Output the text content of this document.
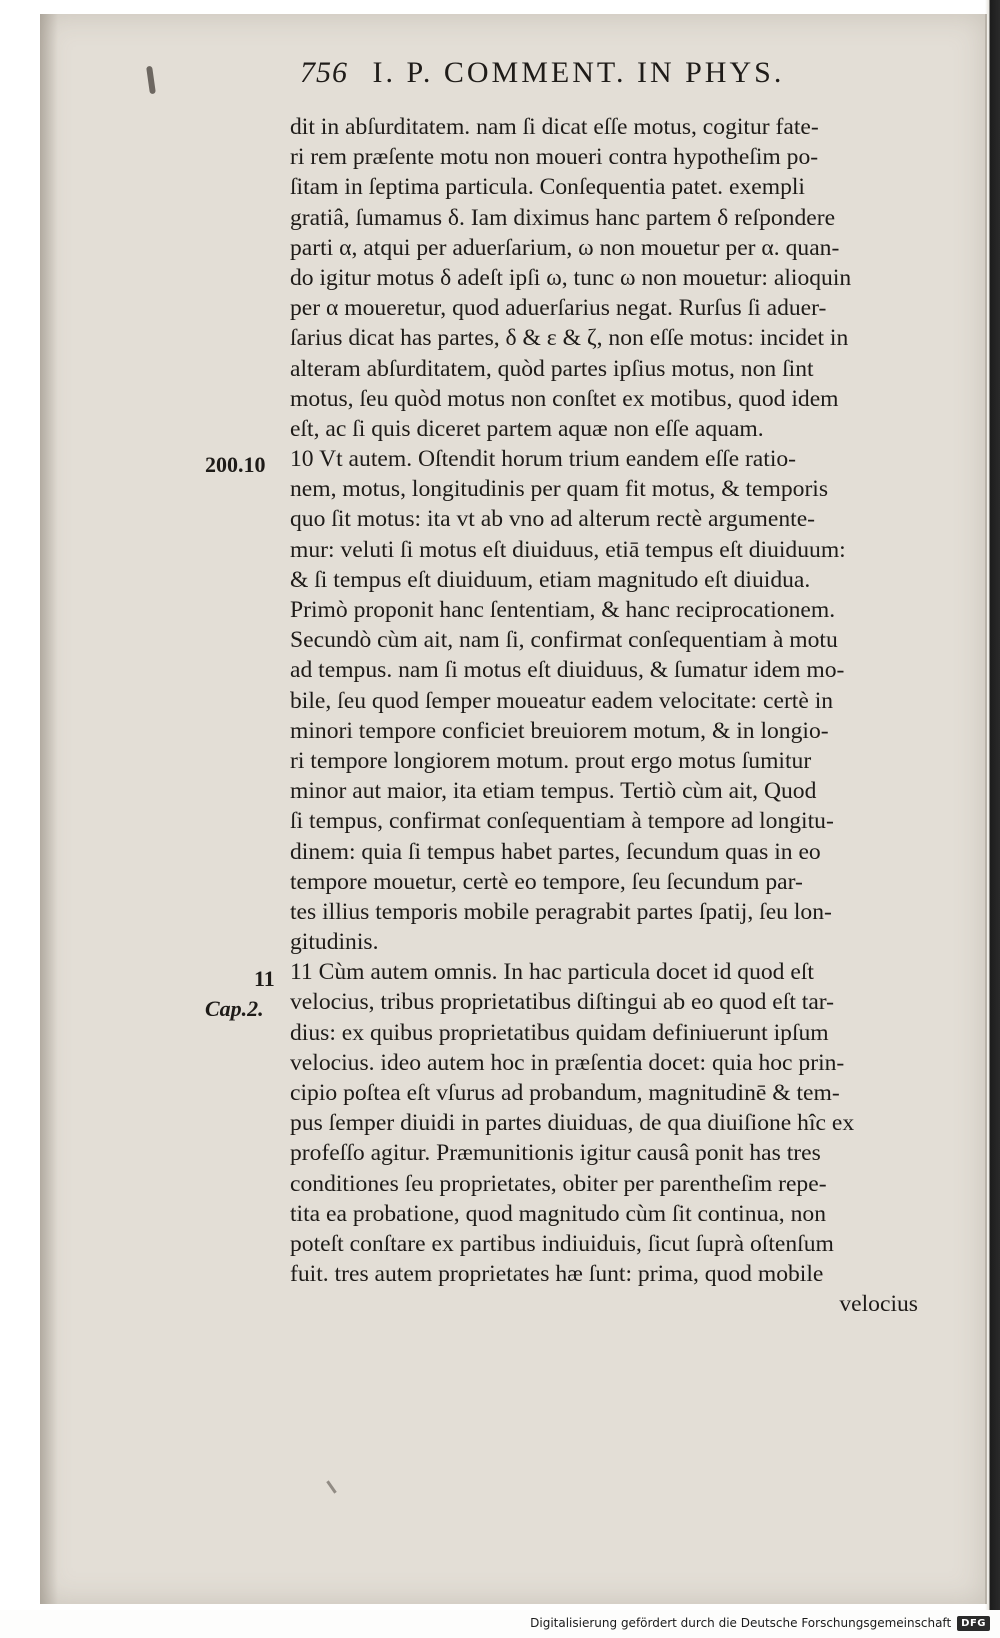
756 I. P. COMMENT. IN PHYS.
200.10
11
Cap.2.
dit in abſurditatem. nam ſi dicat eſſe motus, cogitur fate-
ri rem præſente motu non moueri contra hypotheſim po-
ſitam in ſeptima particula. Conſequentia patet. exempli
gratiâ, ſumamus δ. Iam diximus hanc partem δ reſpondere
parti α, atqui per aduerſarium, ω non mouetur per α. quan-
do igitur motus δ adeſt ipſi ω, tunc ω non mouetur: alioquin
per α moueretur, quod aduerſarius negat. Rurſus ſi aduer-
ſarius dicat has partes, δ & ε & ζ, non eſſe motus: incidet in
alteram abſurditatem, quòd partes ipſius motus, non ſint
motus, ſeu quòd motus non conſtet ex motibus, quod idem
eſt, ac ſi quis diceret partem aquæ non eſſe aquam.
10 Vt autem. Oſtendit horum trium eandem eſſe ratio-
nem, motus, longitudinis per quam fit motus, & temporis
quo ſit motus: ita vt ab vno ad alterum rectè argumente-
mur: veluti ſi motus eſt diuiduus, etiā tempus eſt diuiduum:
& ſi tempus eſt diuiduum, etiam magnitudo eſt diuidua.
Primò proponit hanc ſententiam, & hanc reciprocationem.
Secundò cùm ait, nam ſi, confirmat conſequentiam à motu
ad tempus. nam ſi motus eſt diuiduus, & ſumatur idem mo-
bile, ſeu quod ſemper moueatur eadem velocitate: certè in
minori tempore conficiet breuiorem motum, & in longio-
ri tempore longiorem motum. prout ergo motus ſumitur
minor aut maior, ita etiam tempus. Tertiò cùm ait, Quod
ſi tempus, confirmat conſequentiam à tempore ad longitu-
dinem: quia ſi tempus habet partes, ſecundum quas in eo
tempore mouetur, certè eo tempore, ſeu ſecundum par-
tes illius temporis mobile peragrabit partes ſpatij, ſeu lon-
gitudinis.
11 Cùm autem omnis. In hac particula docet id quod eſt
velocius, tribus proprietatibus diſtingui ab eo quod eſt tar-
dius: ex quibus proprietatibus quidam definiuerunt ipſum
velocius. ideo autem hoc in præſentia docet: quia hoc prin-
cipio poſtea eſt vſurus ad probandum, magnitudinē & tem-
pus ſemper diuidi in partes diuiduas, de qua diuiſione hîc ex
profeſſo agitur. Præmunitionis igitur causâ ponit has tres
conditiones ſeu proprietates, obiter per parentheſim repe-
tita ea probatione, quod magnitudo cùm ſit continua, non
poteſt conſtare ex partibus indiuiduis, ſicut ſuprà oſtenſum
fuit. tres autem proprietates hæ ſunt: prima, quod mobile
velocius
Digitalisierung gefördert durch die Deutsche Forschungsgemeinschaft	DFG
